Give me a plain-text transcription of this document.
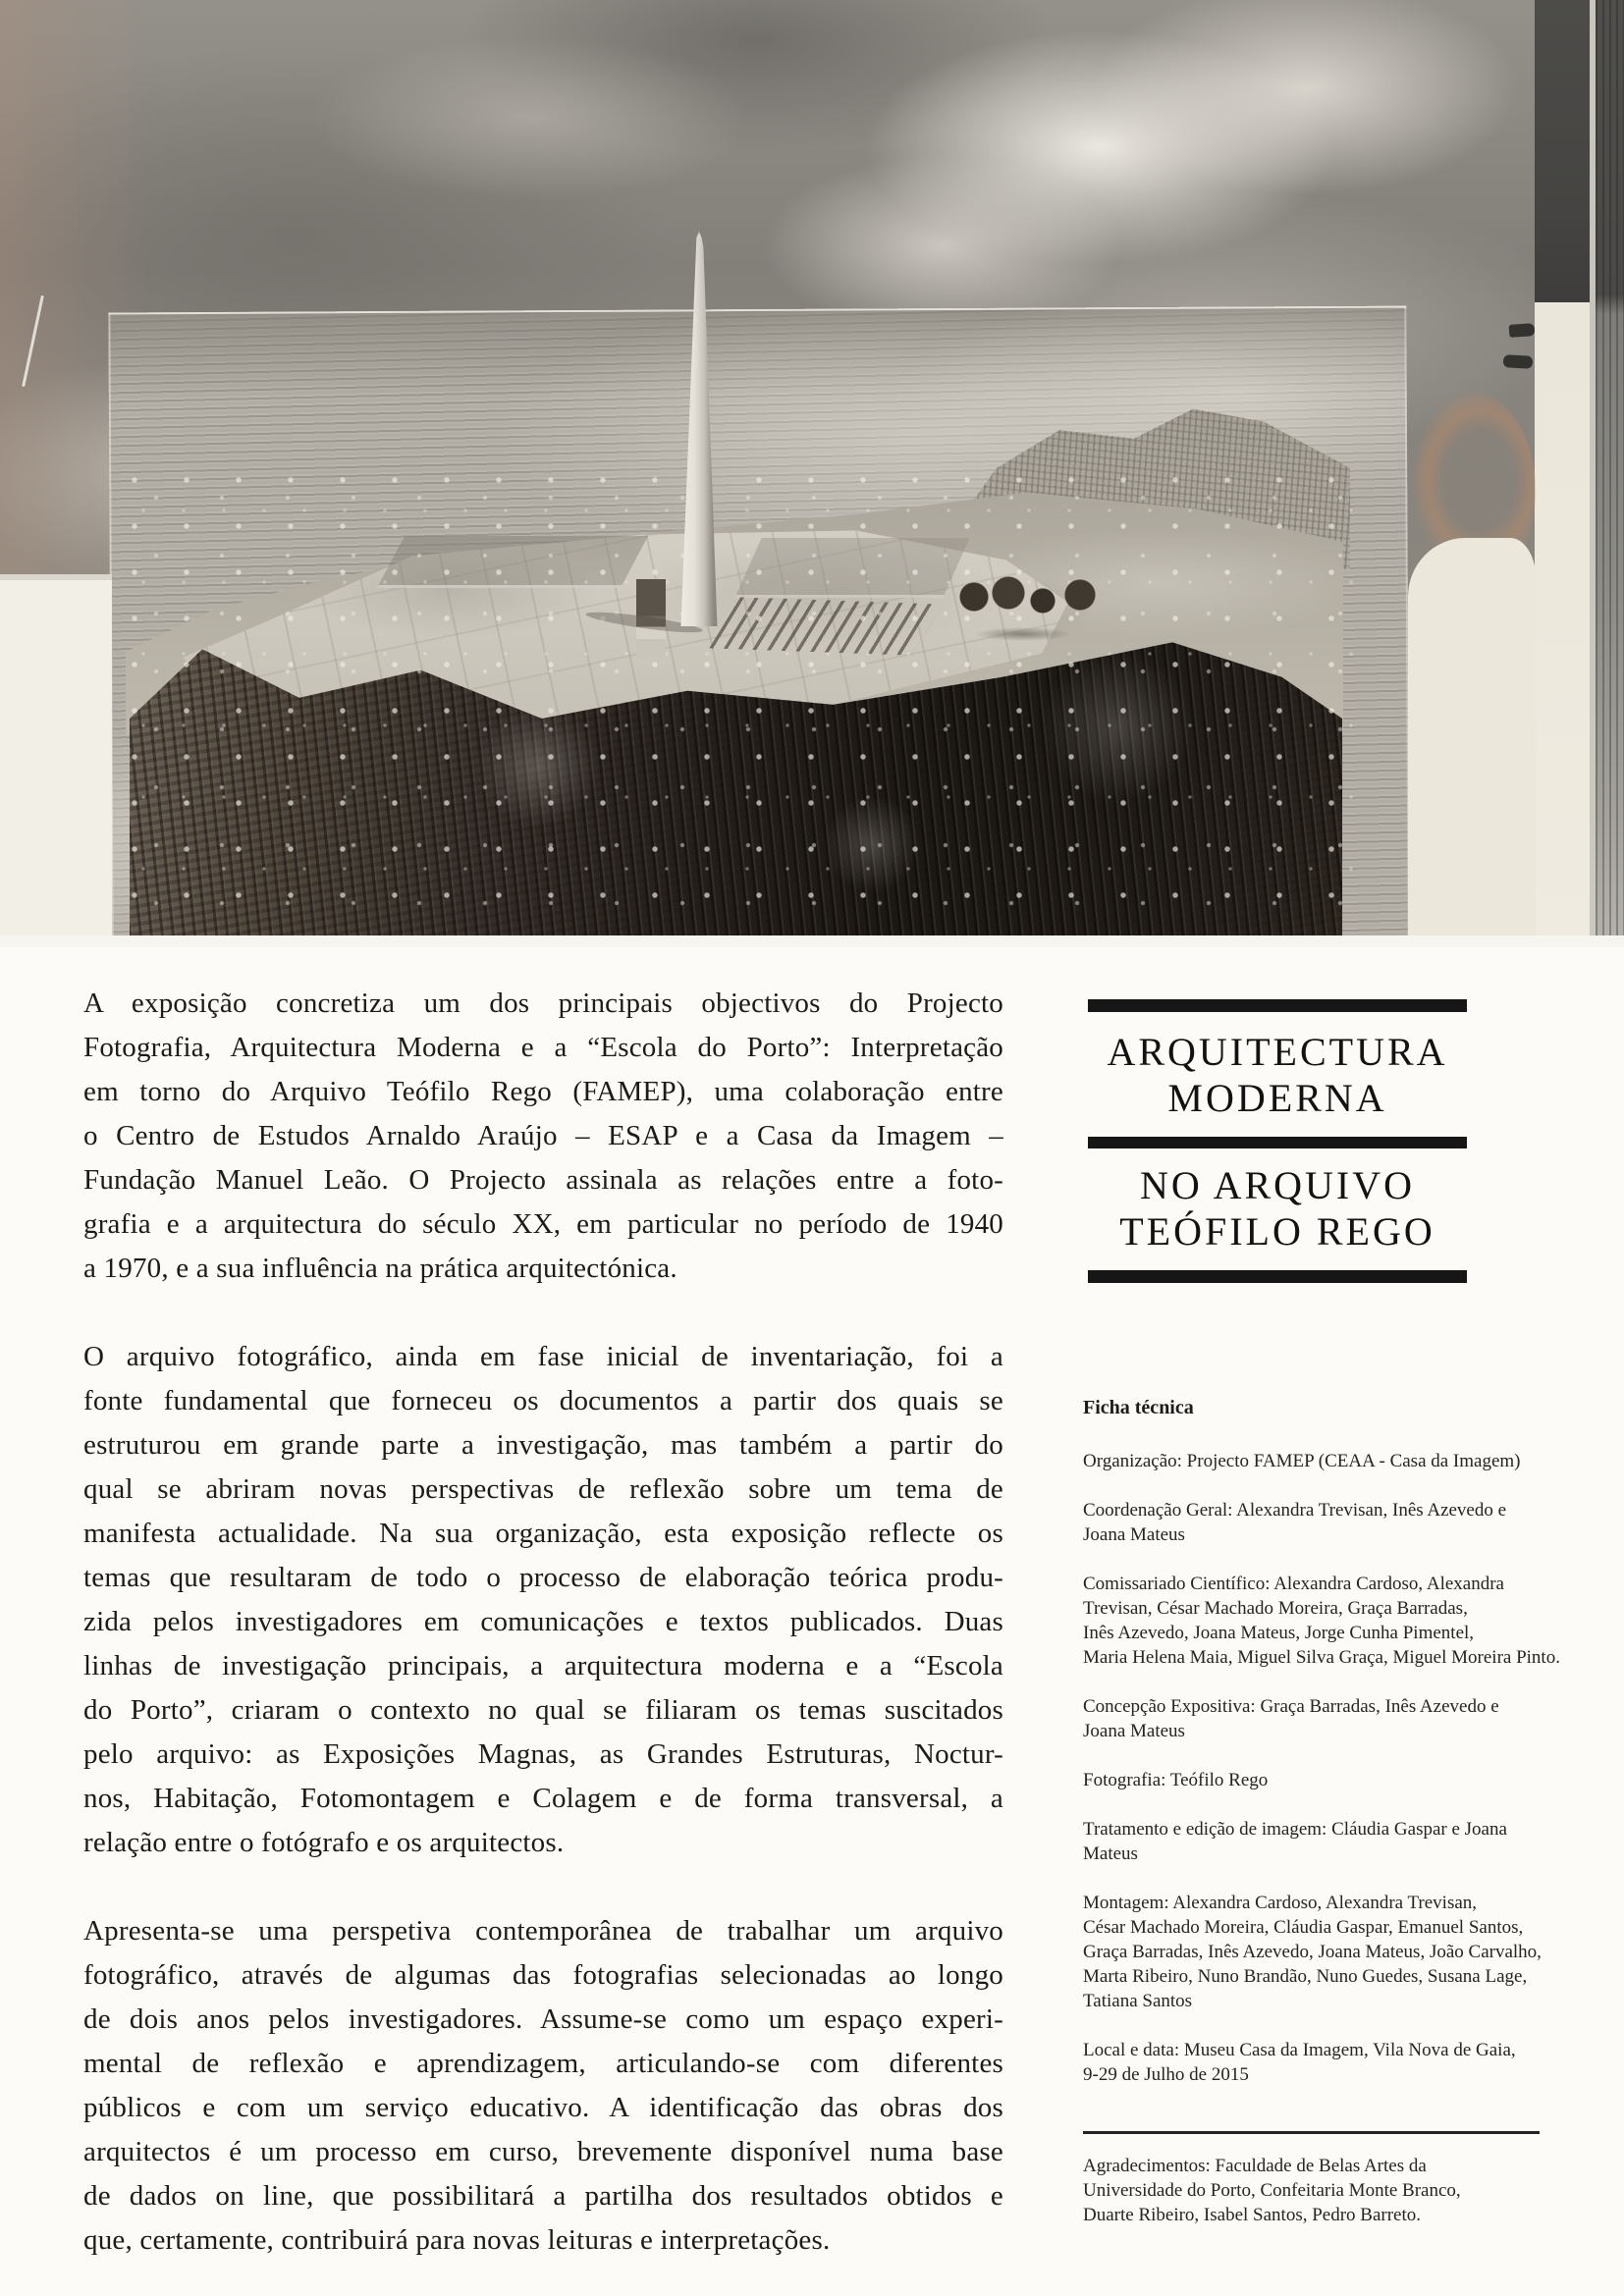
A exposição concretiza um dos principais objectivos do Projecto
Fotografia, Arquitectura Moderna e a “Escola do Porto”: Interpretação
em torno do Arquivo Teófilo Rego (FAMEP), uma colaboração entre
o Centro de Estudos Arnaldo Araújo – ESAP e a Casa da Imagem –
Fundação Manuel Leão. O Projecto assinala as relações entre a foto-
grafia e a arquitectura do século XX, em particular no período de 1940
a 1970, e a sua influência na prática arquitectónica.
O arquivo fotográfico, ainda em fase inicial de inventariação, foi a
fonte fundamental que forneceu os documentos a partir dos quais se
estruturou em grande parte a investigação, mas também a partir do
qual se abriram novas perspectivas de reflexão sobre um tema de
manifesta actualidade. Na sua organização, esta exposição reflecte os
temas que resultaram de todo o processo de elaboração teórica produ-
zida pelos investigadores em comunicações e textos publicados. Duas
linhas de investigação principais, a arquitectura moderna e a “Escola
do Porto”, criaram o contexto no qual se filiaram os temas suscitados
pelo arquivo: as Exposições Magnas, as Grandes Estruturas, Noctur-
nos, Habitação, Fotomontagem e Colagem e de forma transversal, a
relação entre o fotógrafo e os arquitectos.
Apresenta-se uma perspetiva contemporânea de trabalhar um arquivo
fotográfico, através de algumas das fotografias selecionadas ao longo
de dois anos pelos investigadores. Assume-se como um espaço experi-
mental de reflexão e aprendizagem, articulando-se com diferentes
públicos e com um serviço educativo. A identificação das obras dos
arquitectos é um processo em curso, brevemente disponível numa base
de dados on line, que possibilitará a partilha dos resultados obtidos e
que, certamente, contribuirá para novas leituras e interpretações.
ARQUITECTURA
MODERNA
NO ARQUIVO
TEÓFILO REGO
Ficha técnica
Organização: Projecto FAMEP (CEAA - Casa da Imagem)
Coordenação Geral: Alexandra Trevisan, Inês Azevedo e
Joana Mateus
Comissariado Científico: Alexandra Cardoso, Alexandra
Trevisan, César Machado Moreira, Graça Barradas,
Inês Azevedo, Joana Mateus, Jorge Cunha Pimentel,
Maria Helena Maia, Miguel Silva Graça, Miguel Moreira Pinto.
Concepção Expositiva: Graça Barradas, Inês Azevedo e
Joana Mateus
Fotografia: Teófilo Rego
Tratamento e edição de imagem: Cláudia Gaspar e Joana
Mateus
Montagem: Alexandra Cardoso, Alexandra Trevisan,
César Machado Moreira, Cláudia Gaspar, Emanuel Santos,
Graça Barradas, Inês Azevedo, Joana Mateus, João Carvalho,
Marta Ribeiro, Nuno Brandão, Nuno Guedes, Susana Lage,
Tatiana Santos
Local e data: Museu Casa da Imagem, Vila Nova de Gaia,
9-29 de Julho de 2015
Agradecimentos: Faculdade de Belas Artes da
Universidade do Porto, Confeitaria Monte Branco,
Duarte Ribeiro, Isabel Santos, Pedro Barreto.
